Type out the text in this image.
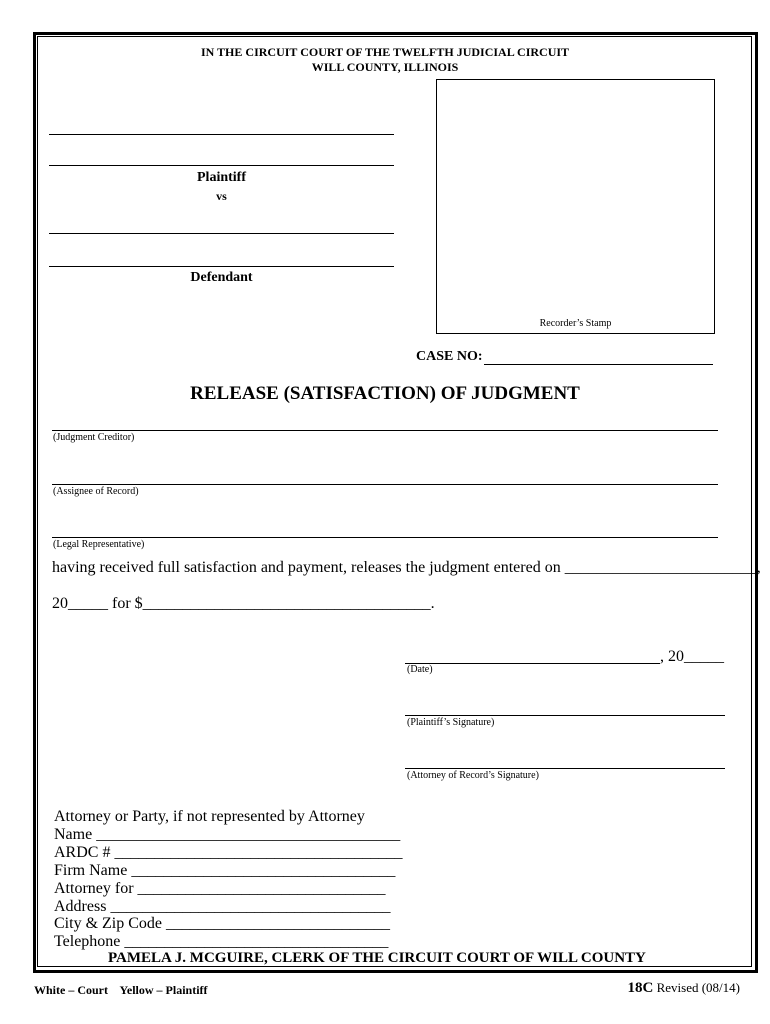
IN THE CIRCUIT COURT OF THE TWELFTH JUDICIAL CIRCUIT
WILL COUNTY, ILLINOIS
Plaintiff
vs
Defendant
Recorder’s Stamp
CASE NO:
RELEASE (SATISFACTION) OF JUDGMENT
(Judgment Creditor)
(Assignee of Record)
(Legal Representative)
having received full satisfaction and payment, releases the judgment entered on ________________________,
20_____ for $____________________________________.
, 20_____
(Date)
(Plaintiff’s Signature)
(Attorney of Record’s Signature)
Attorney or Party, if not represented by Attorney
Name ______________________________________
ARDC # ____________________________________
Firm Name _________________________________
Attorney for _______________________________
Address ___________________________________
City & Zip Code ____________________________
Telephone _________________________________
PAMELA J. MCGUIRE, CLERK OF THE CIRCUIT COURT OF WILL COUNTY
White – Court    Yellow – Plaintiff	18C Revised (08/14)
